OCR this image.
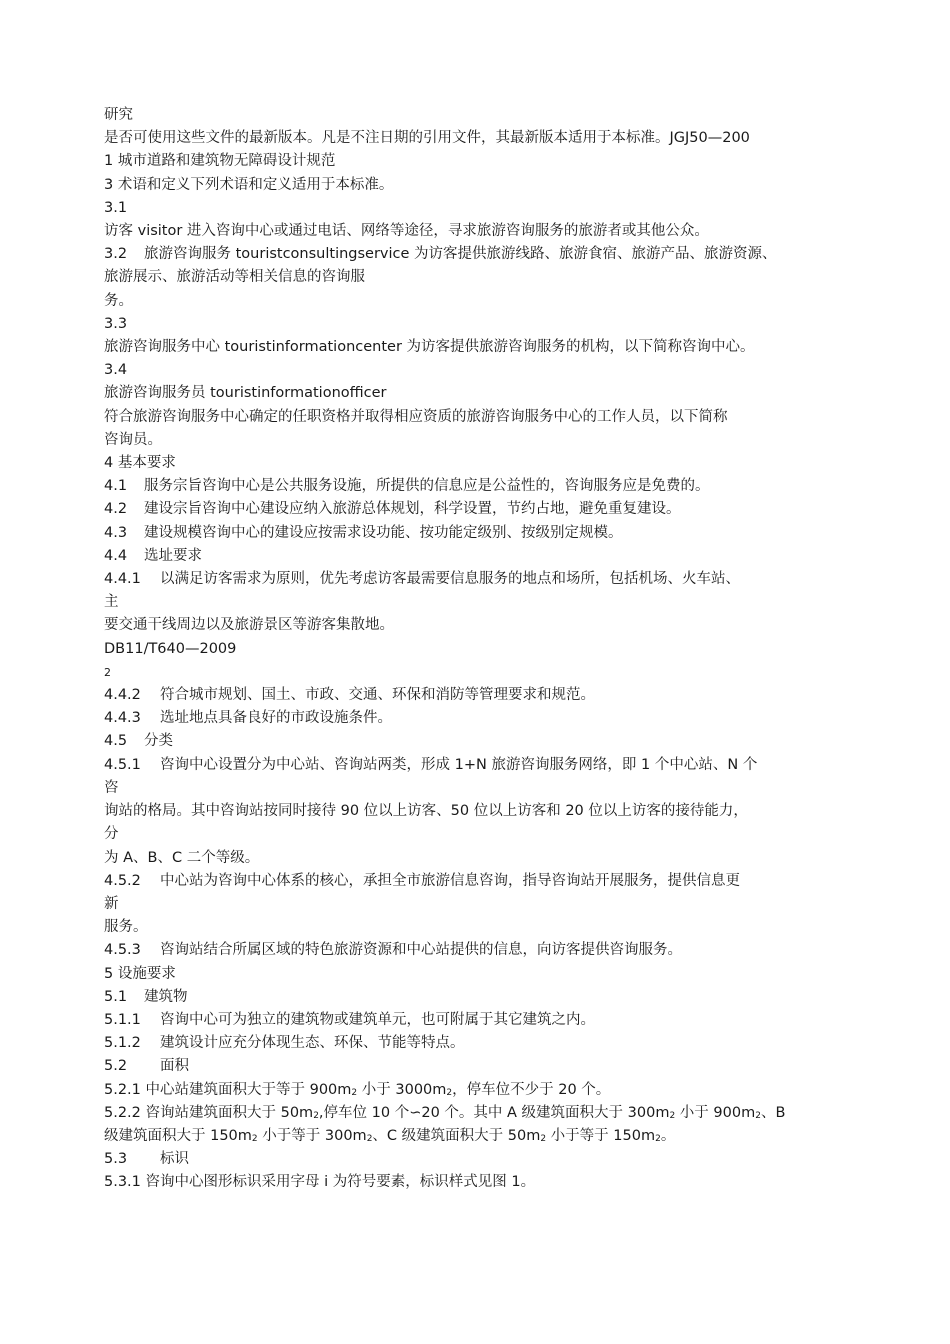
研究
是否可使用这些文件的最新版本。凡是不注日期的引用文件，其最新版本适用于本标准。JGJ50—200
1 城市道路和建筑物无障碍设计规范
3 术语和定义下列术语和定义适用于本标准。
3.1
访客 visitor 进入咨询中心或通过电话、网络等途径，寻求旅游咨询服务的旅游者或其他公众。
3.2 旅游咨询服务 touristconsultingservice 为访客提供旅游线路、旅游食宿、旅游产品、旅游资源、
旅游展示、旅游活动等相关信息的咨询服
务。
3.3
旅游咨询服务中心 touristinformationcenter 为访客提供旅游咨询服务的机构，以下简称咨询中心。
3.4
旅游咨询服务员 touristinformationofficer
符合旅游咨询服务中心确定的任职资格并取得相应资质的旅游咨询服务中心的工作人员，以下简称
咨询员。
4 基本要求
4.1 服务宗旨咨询中心是公共服务设施，所提供的信息应是公益性的，咨询服务应是免费的。
4.2 建设宗旨咨询中心建设应纳入旅游总体规划，科学设置，节约占地，避免重复建设。
4.3 建设规模咨询中心的建设应按需求设功能、按功能定级别、按级别定规模。
4.4 选址要求
4.4.1 以满足访客需求为原则，优先考虑访客最需要信息服务的地点和场所，包括机场、火车站、
主
要交通干线周边以及旅游景区等游客集散地。
DB11/T640—2009
2
4.4.2 符合城市规划、国土、市政、交通、环保和消防等管理要求和规范。
4.4.3 选址地点具备良好的市政设施条件。
4.5 分类
4.5.1 咨询中心设置分为中心站、咨询站两类，形成 1+N 旅游咨询服务网络，即 1 个中心站、N 个
咨
询站的格局。其中咨询站按同时接待 90 位以上访客、50 位以上访客和 20 位以上访客的接待能力，
分
为 A、B、C 二个等级。
4.5.2 中心站为咨询中心体系的核心，承担全市旅游信息咨询，指导咨询站开展服务，提供信息更
新
服务。
4.5.3 咨询站结合所属区域的特色旅游资源和中心站提供的信息，向访客提供咨询服务。
5 设施要求
5.1 建筑物
5.1.1 咨询中心可为独立的建筑物或建筑单元，也可附属于其它建筑之内。
5.1.2 建筑设计应充分体现生态、环保、节能等特点。
5.2 面积
5.2.1 中心站建筑面积大于等于 $900m_2$ 小于 $3000m_2$，停车位不少于 20 个。
5.2.2 咨询站建筑面积大于 $50m_2$,停车位 10 个∽20 个。其中 A 级建筑面积大于 $300m_2$ 小于 $900m_2$、B
级建筑面积大于 $150m_2$ 小于等于 $300m_2$、C 级建筑面积大于 $50m_2$ 小于等于 $150m_2$。
5.3 标识
5.3.1 咨询中心图形标识采用字母 i 为符号要素，标识样式见图 1。
